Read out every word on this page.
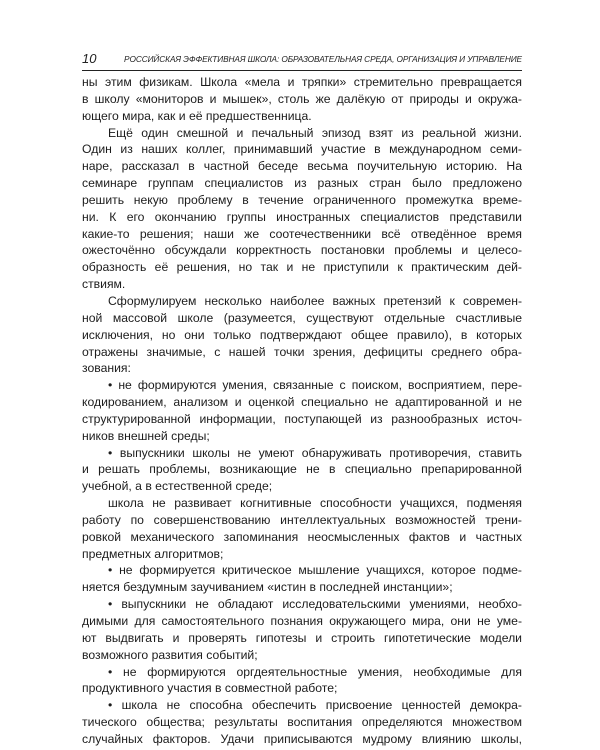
10	РОССИЙСКАЯ ЭФФЕКТИВНАЯ ШКОЛА: ОБРАЗОВАТЕЛЬНАЯ СРЕДА, ОРГАНИЗАЦИЯ И УПРАВЛЕНИЕ
ны этим физикам. Школа «мела и тряпки» стремительно превращается
в школу «мониторов и мышек», столь же далёкую от природы и окружа-
ющего мира, как и её предшественница.
Ещё один смешной и печальный эпизод взят из реальной жизни.
Один из наших коллег, принимавший участие в международном семи-
наре, рассказал в частной беседе весьма поучительную историю. На
семинаре группам специалистов из разных стран было предложено
решить некую проблему в течение ограниченного промежутка време-
ни. К его окончанию группы иностранных специалистов представили
какие-то решения; наши же соотечественники всё отведённое время
ожесточённо обсуждали корректность постановки проблемы и целесо-
образность её решения, но так и не приступили к практическим дей-
ствиям.
Сформулируем несколько наиболее важных претензий к современ-
ной массовой школе (разумеется, существуют отдельные счастливые
исключения, но они только подтверждают общее правило), в которых
отражены значимые, с нашей точки зрения, дефициты среднего обра-
зования:
• не формируются умения, связанные с поиском, восприятием, пере-
кодированием, анализом и оценкой специально не адаптированной и не
структурированной информации, поступающей из разнообразных источ-
ников внешней среды;
• выпускники школы не умеют обнаруживать противоречия, ставить
и решать проблемы, возникающие не в специально препарированной
учебной, а в естественной среде;
школа не развивает когнитивные способности учащихся, подменяя
работу по совершенствованию интеллектуальных возможностей трени-
ровкой механического запоминания неосмысленных фактов и частных
предметных алгоритмов;
• не формируется критическое мышление учащихся, которое подме-
няется бездумным заучиванием «истин в последней инстанции»;
• выпускники не обладают исследовательскими умениями, необхо-
димыми для самостоятельного познания окружающего мира, они не уме-
ют выдвигать и проверять гипотезы и строить гипотетические модели
возможного развития событий;
• не формируются оргдеятельностные умения, необходимые для
продуктивного участия в совместной работе;
• школа не способна обеспечить присвоение ценностей демокра-
тического общества; результаты воспитания определяются множеством
случайных факторов. Удачи приписываются мудрому влиянию школы,
